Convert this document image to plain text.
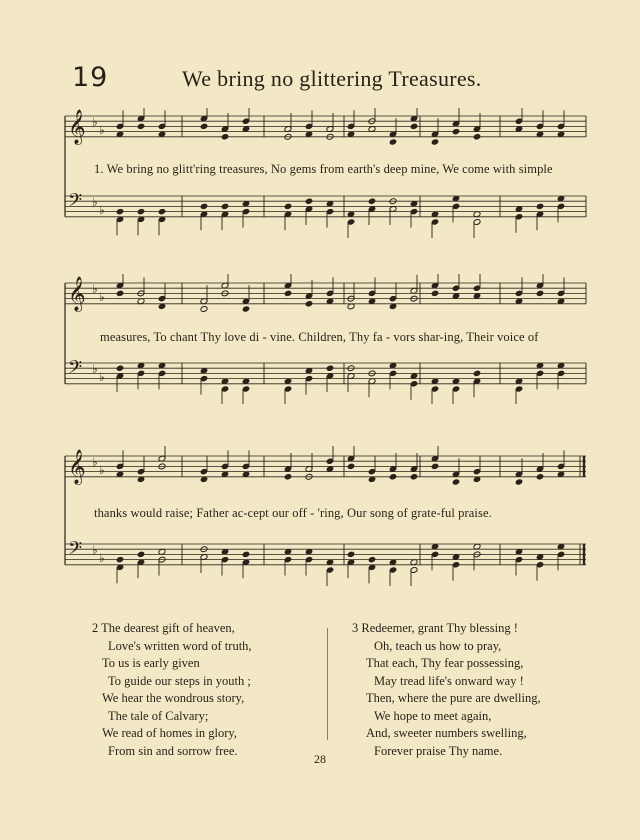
19	We bring no glittering Treasures.
𝄞 ♭
♭
𝄢 ♭
♭
1. We bring no glitt'ring treasures, No gems from earth's deep mine, We come with simple
𝄞 ♭
♭
𝄢 ♭
♭
measures, To chant Thy love di - vine. Children, Thy fa - vors shar-ing, Their voice of
𝄞 ♭
♭
𝄢 ♭
♭
thanks would raise; Father ac-cept our off - 'ring, Our song of grate-ful praise.
2 The dearest gift of heaven,
Love's written word of truth,
To us is early given
To guide our steps in youth ;
We hear the wondrous story,
The tale of Calvary;
We read of homes in glory,
From sin and sorrow free.
3 Redeemer, grant Thy blessing !
Oh, teach us how to pray,
That each, Thy fear possessing,
May tread life's onward way !
Then, where the pure are dwelling,
We hope to meet again,
And, sweeter numbers swelling,
Forever praise Thy name.
28
